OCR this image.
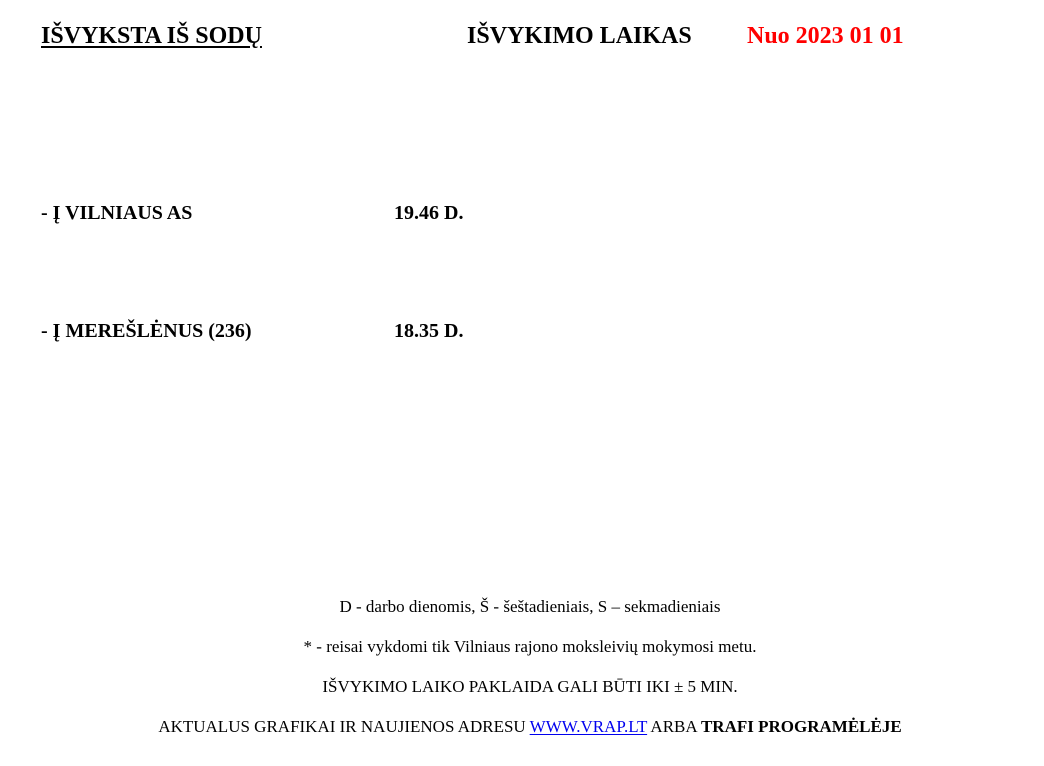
IŠVYKSTA IŠ SODŲ	IŠVYKIMO LAIKAS Nuo 2023 01 01
- Į VILNIAUS AS	19.46 D.
- Į MEREŠLĖNUS (236)	18.35 D.
D - darbo dienomis, Š - šeštadieniais, S – sekmadieniais
* - reisai vykdomi tik Vilniaus rajono moksleivių mokymosi metu.
IŠVYKIMO LAIKO PAKLAIDA GALI BŪTI IKI ± 5 MIN.
AKTUALUS GRAFIKAI IR NAUJIENOS ADRESU WWW.VRAP.LT ARBA TRAFI PROGRAMĖLĖJE
